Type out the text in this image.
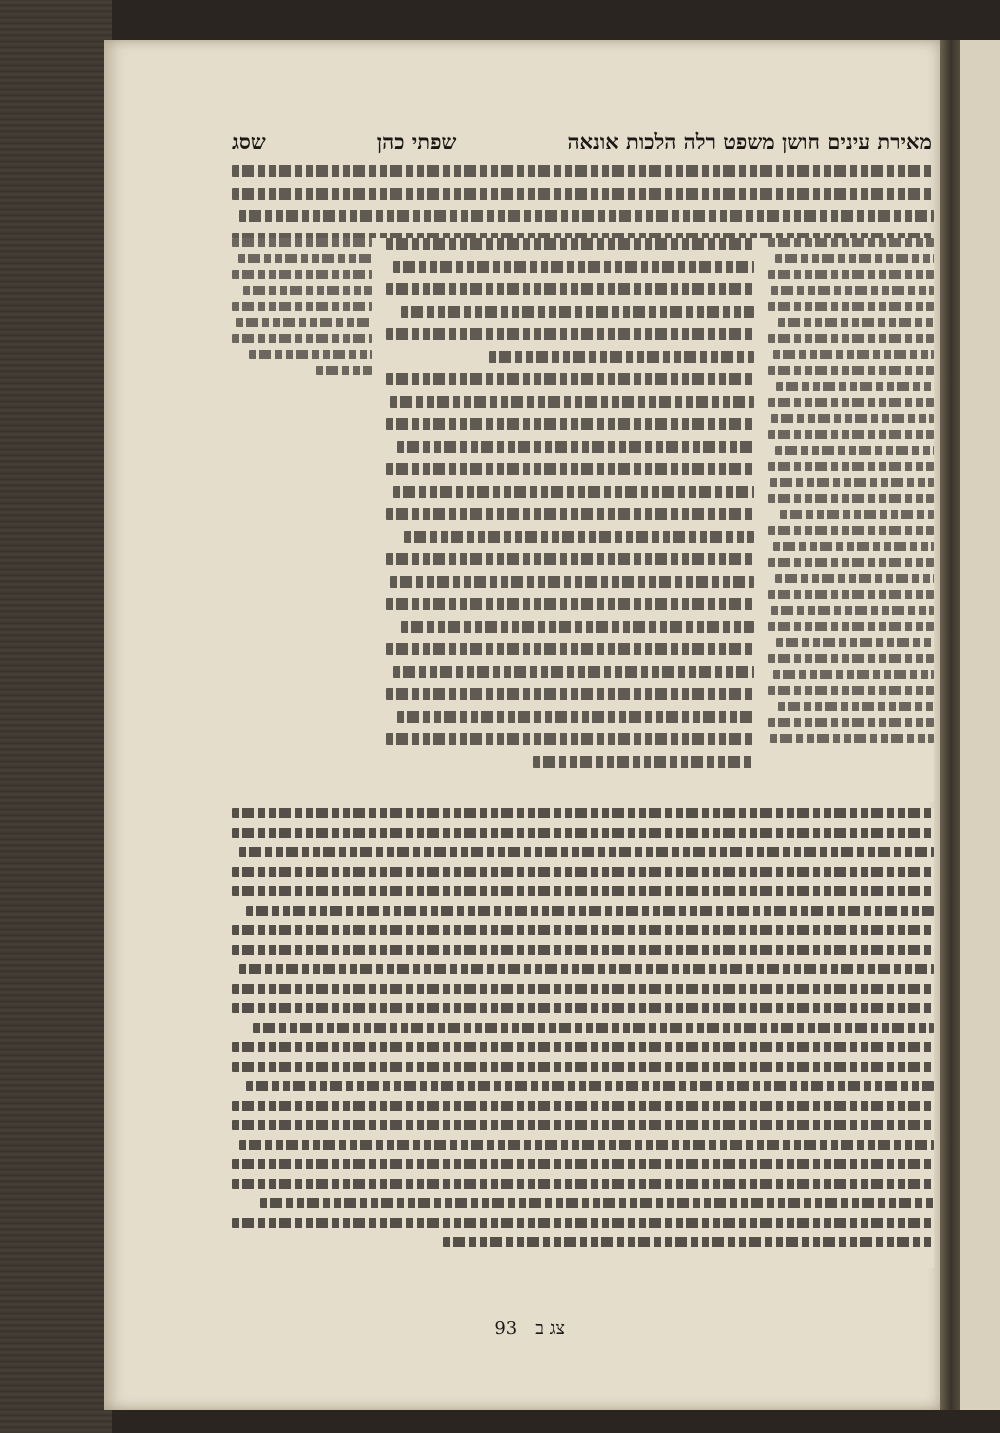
מאירת עינים חושן משפט רלה הלכות אונאה
שפתי כהן
שסג
צג ב
93
